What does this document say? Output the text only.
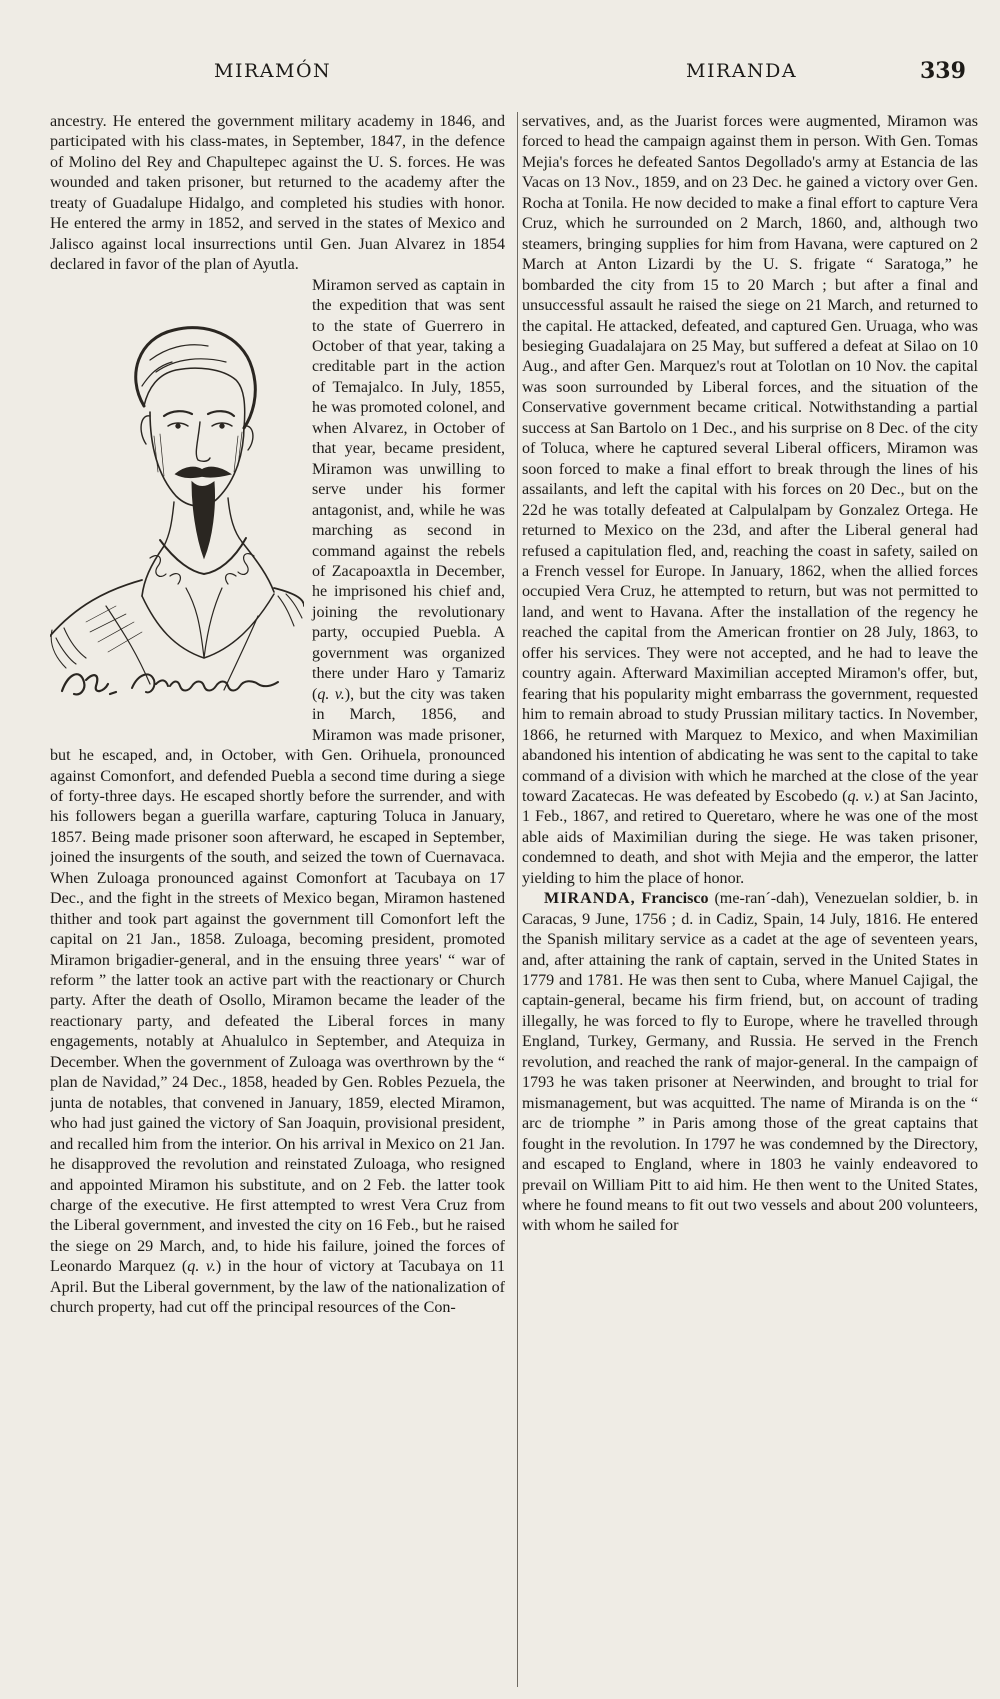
MIRAMÓN	MIRANDA	339

ancestry. He entered the government military academy in 1846, and participated with his class-mates, in September, 1847, in the defence of Molino del Rey and Chapultepec against the U. S. forces. He was wounded and taken prisoner, but returned to the academy after the treaty of Guadalupe Hidalgo, and completed his studies with honor. He entered the army in 1852, and served in the states of Mexico and Jalisco against local insurrections until Gen. Juan Alvarez in 1854 declared in favor of the plan of Ayutla.

Miramon served as captain in the expedition that was sent to the state of Guerrero in October of that year, taking a creditable part in the action of Temajalco. In July, 1855, he was promoted colonel, and when Alvarez, in October of that year, became president, Miramon was unwilling to serve under his former antagonist, and, while he was marching as second in command against the rebels of Zacapoaxtla in December, he imprisoned his chief and, joining the revolutionary party, occupied Puebla. A government was organized there under Haro y Tamariz (q. v.), but the city was taken in March, 1856, and Miramon was made prisoner, but he escaped, and, in October, with Gen. Orihuela, pronounced against Comonfort, and defended Puebla a second time during a siege of forty-three days. He escaped shortly before the surrender, and with his followers began a guerilla warfare, capturing Toluca in January, 1857. Being made prisoner soon afterward, he escaped in September, joined the insurgents of the south, and seized the town of Cuernavaca. When Zuloaga pronounced against Comonfort at Tacubaya on 17 Dec., and the fight in the streets of Mexico began, Miramon hastened thither and took part against the government till Comonfort left the capital on 21 Jan., 1858. Zuloaga, becoming president, promoted Miramon brigadier-general, and in the ensuing three years' “ war of reform ” the latter took an active part with the reactionary or Church party. After the death of Osollo, Miramon became the leader of the reactionary party, and defeated the Liberal forces in many engagements, notably at Ahualulco in September, and Atequiza in December. When the government of Zuloaga was overthrown by the “ plan de Navidad,” 24 Dec., 1858, headed by Gen. Robles Pezuela, the junta de notables, that convened in January, 1859, elected Miramon, who had just gained the victory of San Joaquin, provisional president, and recalled him from the interior. On his arrival in Mexico on 21 Jan. he disapproved the revolution and reinstated Zuloaga, who resigned and appointed Miramon his substitute, and on 2 Feb. the latter took charge of the executive. He first attempted to wrest Vera Cruz from the Liberal government, and invested the city on 16 Feb., but he raised the siege on 29 March, and, to hide his failure, joined the forces of Leonardo Marquez (q. v.) in the hour of victory at Tacubaya on 11 April. But the Liberal government, by the law of the nationalization of church property, had cut off the principal resources of the Con-

servatives, and, as the Juarist forces were augmented, Miramon was forced to head the campaign against them in person. With Gen. Tomas Mejia's forces he defeated Santos Degollado's army at Estancia de las Vacas on 13 Nov., 1859, and on 23 Dec. he gained a victory over Gen. Rocha at Tonila. He now decided to make a final effort to capture Vera Cruz, which he surrounded on 2 March, 1860, and, although two steamers, bringing supplies for him from Havana, were captured on 2 March at Anton Lizardi by the U. S. frigate “ Saratoga,” he bombarded the city from 15 to 20 March ; but after a final and unsuccessful assault he raised the siege on 21 March, and returned to the capital. He attacked, defeated, and captured Gen. Uruaga, who was besieging Guadalajara on 25 May, but suffered a defeat at Silao on 10 Aug., and after Gen. Marquez's rout at Tolotlan on 10 Nov. the capital was soon surrounded by Liberal forces, and the situation of the Conservative government became critical. Notwithstanding a partial success at San Bartolo on 1 Dec., and his surprise on 8 Dec. of the city of Toluca, where he captured several Liberal officers, Miramon was soon forced to make a final effort to break through the lines of his assailants, and left the capital with his forces on 20 Dec., but on the 22d he was totally defeated at Calpulalpam by Gonzalez Ortega. He returned to Mexico on the 23d, and after the Liberal general had refused a capitulation fled, and, reaching the coast in safety, sailed on a French vessel for Europe. In January, 1862, when the allied forces occupied Vera Cruz, he attempted to return, but was not permitted to land, and went to Havana. After the installation of the regency he reached the capital from the American frontier on 28 July, 1863, to offer his services. They were not accepted, and he had to leave the country again. Afterward Maximilian accepted Miramon's offer, but, fearing that his popularity might embarrass the government, requested him to remain abroad to study Prussian military tactics. In November, 1866, he returned with Marquez to Mexico, and when Maximilian abandoned his intention of abdicating he was sent to the capital to take command of a division with which he marched at the close of the year toward Zacatecas. He was defeated by Escobedo (q. v.) at San Jacinto, 1 Feb., 1867, and retired to Queretaro, where he was one of the most able aids of Maximilian during the siege. He was taken prisoner, condemned to death, and shot with Mejia and the emperor, the latter yielding to him the place of honor.

MIRANDA, Francisco (me-ran´-dah), Venezuelan soldier, b. in Caracas, 9 June, 1756 ; d. in Cadiz, Spain, 14 July, 1816. He entered the Spanish military service as a cadet at the age of seventeen years, and, after attaining the rank of captain, served in the United States in 1779 and 1781. He was then sent to Cuba, where Manuel Cajigal, the captain-general, became his firm friend, but, on account of trading illegally, he was forced to fly to Europe, where he travelled through England, Turkey, Germany, and Russia. He served in the French revolution, and reached the rank of major-general. In the campaign of 1793 he was taken prisoner at Neerwinden, and brought to trial for mismanagement, but was acquitted. The name of Miranda is on the “ arc de triomphe ” in Paris among those of the great captains that fought in the revolution. In 1797 he was condemned by the Directory, and escaped to England, where in 1803 he vainly endeavored to prevail on William Pitt to aid him. He then went to the United States, where he found means to fit out two vessels and about 200 volunteers, with whom he sailed for
